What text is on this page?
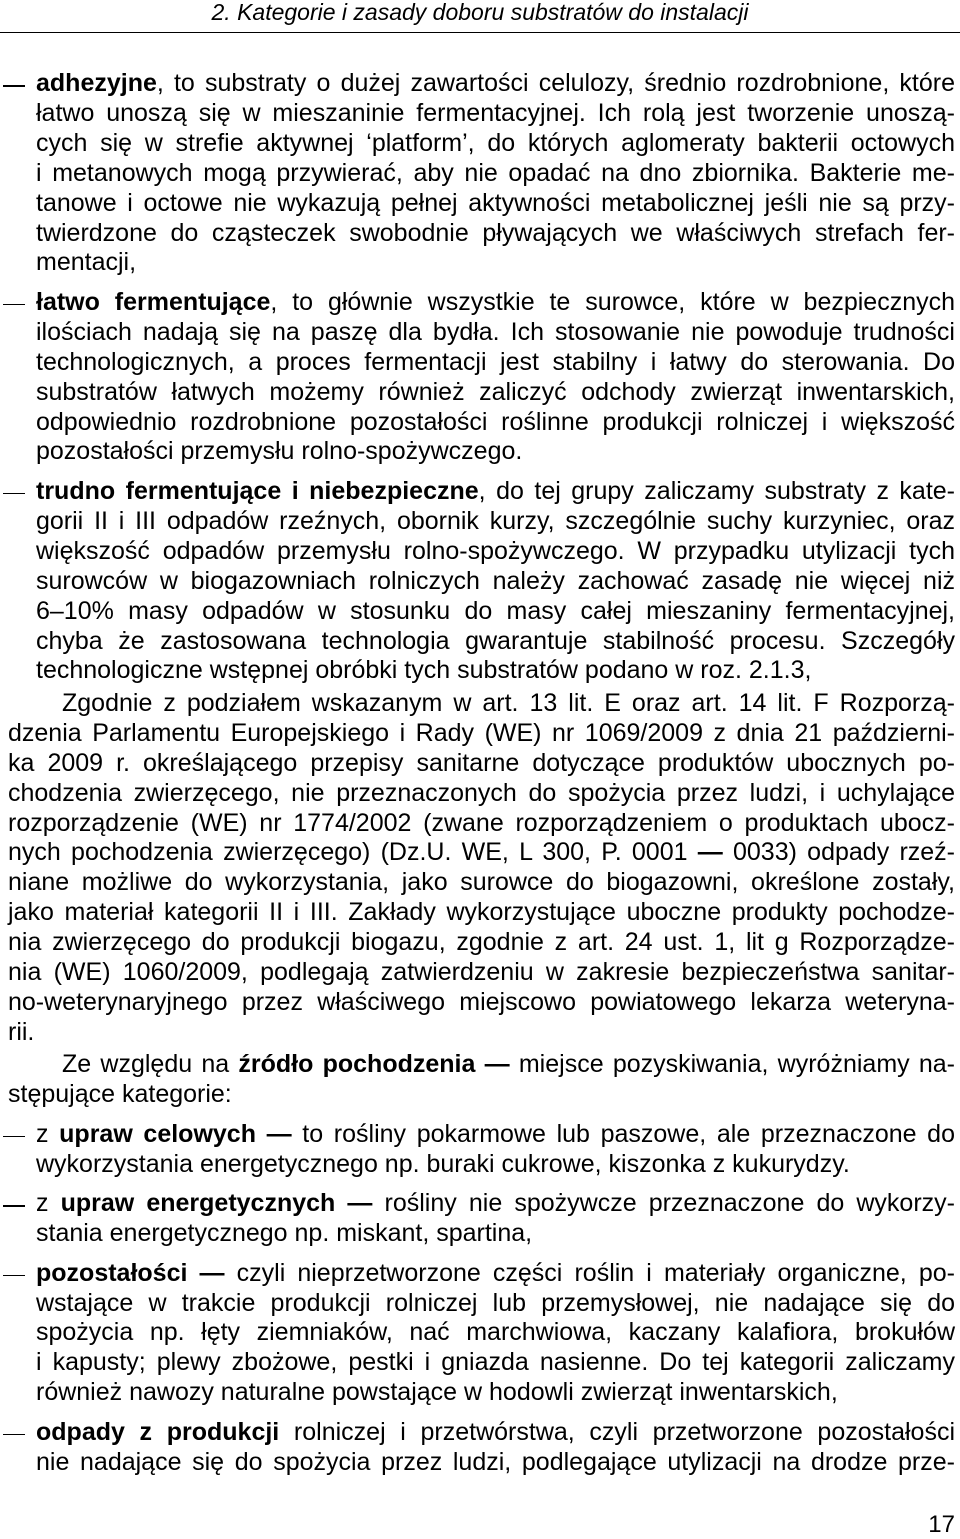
2. Kategorie i zasady doboru substratów do instalacji
adhezyjne, to substraty o dużej zawartości celulozy, średnio rozdrobnione, które
łatwo unoszą się w mieszaninie fermentacyjnej. Ich rolą jest tworzenie unoszą-
cych się w strefie aktywnej ‘platform’, do których aglomeraty bakterii octowych
i metanowych mogą przywierać, aby nie opadać na dno zbiornika. Bakterie me-
tanowe i octowe nie wykazują pełnej aktywności metabolicznej jeśli nie są przy-
twierdzone do cząsteczek swobodnie pływających we właściwych strefach fer-
mentacji,
łatwo fermentujące, to głównie wszystkie te surowce, które w bezpiecznych
ilościach nadają się na paszę dla bydła. Ich stosowanie nie powoduje trudności
technologicznych, a proces fermentacji jest stabilny i łatwy do sterowania. Do
substratów łatwych możemy również zaliczyć odchody zwierząt inwentarskich,
odpowiednio rozdrobnione pozostałości roślinne produkcji rolniczej i większość
pozostałości przemysłu rolno-spożywczego.
trudno fermentujące i niebezpieczne, do tej grupy zaliczamy substraty z kate-
gorii II i III odpadów rzeźnych, obornik kurzy, szczególnie suchy kurzyniec, oraz
większość odpadów przemysłu rolno-spożywczego. W przypadku utylizacji tych
surowców w biogazowniach rolniczych należy zachować zasadę nie więcej niż
6–10% masy odpadów w stosunku do masy całej mieszaniny fermentacyjnej,
chyba że zastosowana technologia gwarantuje stabilność procesu. Szczegóły
technologiczne wstępnej obróbki tych substratów podano w roz. 2.1.3,
Zgodnie z podziałem wskazanym w art. 13 lit. E oraz art. 14 lit. F Rozporzą-
dzenia Parlamentu Europejskiego i Rady (WE) nr 1069/2009 z dnia 21 październi-
ka 2009 r. określającego przepisy sanitarne dotyczące produktów ubocznych po-
chodzenia zwierzęcego, nie przeznaczonych do spożycia przez ludzi, i uchylające
rozporządzenie (WE) nr 1774/2002 (zwane rozporządzeniem o produktach ubocz-
nych pochodzenia zwierzęcego) (Dz.U. WE, L 300, P. 0001 — 0033) odpady rzeź-
niane możliwe do wykorzystania, jako surowce do biogazowni, określone zostały,
jako materiał kategorii II i III. Zakłady wykorzystujące uboczne produkty pochodze-
nia zwierzęcego do produkcji biogazu, zgodnie z art. 24 ust. 1, lit g Rozporządze-
nia (WE) 1060/2009, podlegają zatwierdzeniu w zakresie bezpieczeństwa sanitar-
no-weterynaryjnego przez właściwego miejscowo powiatowego lekarza weteryna-
rii.
Ze względu na źródło pochodzenia — miejsce pozyskiwania, wyróżniamy na-
stępujące kategorie:
z upraw celowych — to rośliny pokarmowe lub paszowe, ale przeznaczone do
wykorzystania energetycznego np. buraki cukrowe, kiszonka z kukurydzy.
z upraw energetycznych — rośliny nie spożywcze przeznaczone do wykorzy-
stania energetycznego np. miskant, spartina,
pozostałości — czyli nieprzetworzone części roślin i materiały organiczne, po-
wstające w trakcie produkcji rolniczej lub przemysłowej, nie nadające się do
spożycia np. łęty ziemniaków, nać marchwiowa, kaczany kalafiora, brokułów
i kapusty; plewy zbożowe, pestki i gniazda nasienne. Do tej kategorii zaliczamy
również nawozy naturalne powstające w hodowli zwierząt inwentarskich,
odpady z produkcji rolniczej i przetwórstwa, czyli przetworzone pozostałości
nie nadające się do spożycia przez ludzi, podlegające utylizacji na drodze prze-
17
